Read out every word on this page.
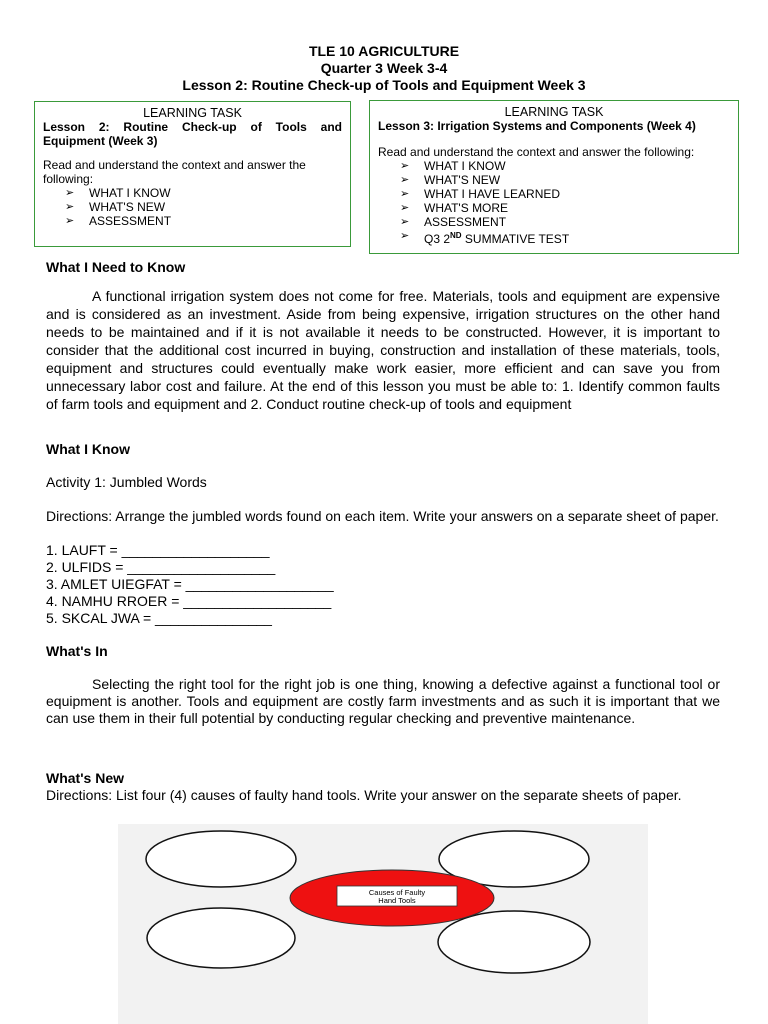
TLE 10 AGRICULTURE
Quarter 3 Week 3-4
Lesson 2: Routine Check-up of Tools and Equipment Week 3
LEARNING TASK
Lesson 2: Routine Check-up of Tools and Equipment (Week 3)
Read and understand the context and answer the following:
➢ WHAT I KNOW
➢ WHAT'S NEW
➢ ASSESSMENT
LEARNING TASK
Lesson 3: Irrigation Systems and Components (Week 4)
Read and understand the context and answer the following:
➢ WHAT I KNOW
➢ WHAT'S NEW
➢ WHAT I HAVE LEARNED
➢ WHAT'S MORE
➢ ASSESSMENT
➢ Q3 2ND SUMMATIVE TEST
What I Need to Know
A functional irrigation system does not come for free. Materials, tools and equipment are expensive and is considered as an investment. Aside from being expensive, irrigation structures on the other hand needs to be maintained and if it is not available it needs to be constructed. However, it is important to consider that the additional cost incurred in buying, construction and installation of these materials, tools, equipment and structures could eventually make work easier, more efficient and can save you from unnecessary labor cost and failure. At the end of this lesson you must be able to: 1. Identify common faults of farm tools and equipment and 2. Conduct routine check-up of tools and equipment
What I Know
Activity 1: Jumbled Words
Directions: Arrange the jumbled words found on each item. Write your answers on a separate sheet of paper.
1. LAUFT = ___________________
2. ULFIDS = ___________________
3. AMLET UIEGFAT = ___________________
4. NAMHU RROER = ___________________
5. SKCAL JWA = _______________
What's In
Selecting the right tool for the right job is one thing, knowing a defective against a functional tool or equipment is another. Tools and equipment are costly farm investments and as such it is important that we can use them in their full potential by conducting regular checking and preventive maintenance.
What's New
Directions: List four (4) causes of faulty hand tools. Write your answer on the separate sheets of paper.
Causes of Faulty
Hand Tools
